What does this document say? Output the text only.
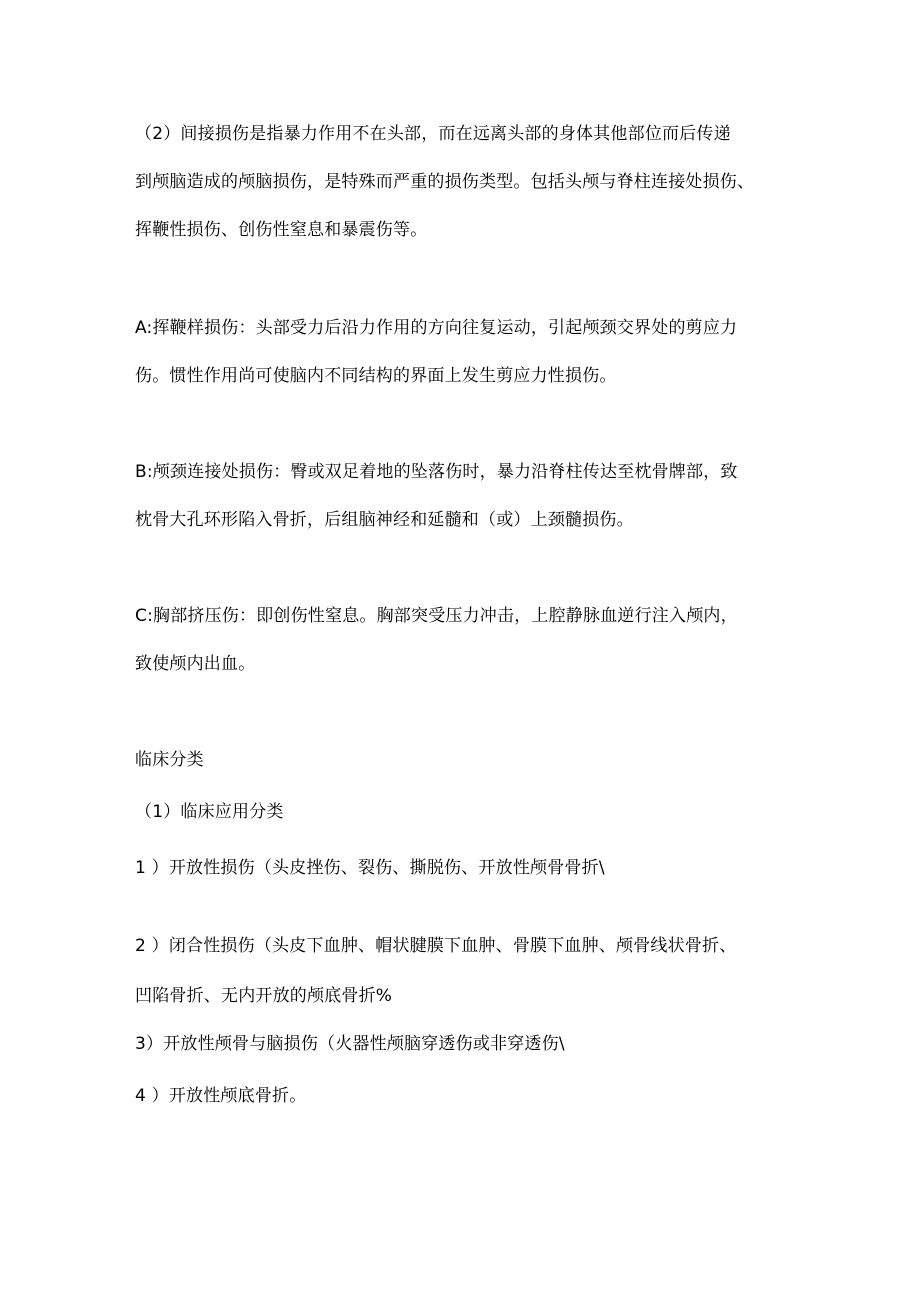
（2）间接损伤是指暴力作用不在头部，而在远离头部的身体其他部位而后传递
到颅脑造成的颅脑损伤，是特殊而严重的损伤类型。包括头颅与脊柱连接处损伤、
挥鞭性损伤、创伤性窒息和暴震伤等。
A:挥鞭样损伤：头部受力后沿力作用的方向往复运动，引起颅颈交界处的剪应力
伤。惯性作用尚可使脑内不同结构的界面上发生剪应力性损伤。
B:颅颈连接处损伤：臀或双足着地的坠落伤时，暴力沿脊柱传达至枕骨牌部，致
枕骨大孔环形陷入骨折，后组脑神经和延髓和（或）上颈髓损伤。
C:胸部挤压伤：即创伤性窒息。胸部突受压力冲击，上腔静脉血逆行注入颅内，
致使颅内出血。
临床分类
（1）临床应用分类
1 ）开放性损伤（头皮挫伤、裂伤、撕脱伤、开放性颅骨骨折\
2 ）闭合性损伤（头皮下血肿、帽状腱膜下血肿、骨膜下血肿、颅骨线状骨折、
凹陷骨折、无内开放的颅底骨折%
3）开放性颅骨与脑损伤（火器性颅脑穿透伤或非穿透伤\
4 ）开放性颅底骨折。
